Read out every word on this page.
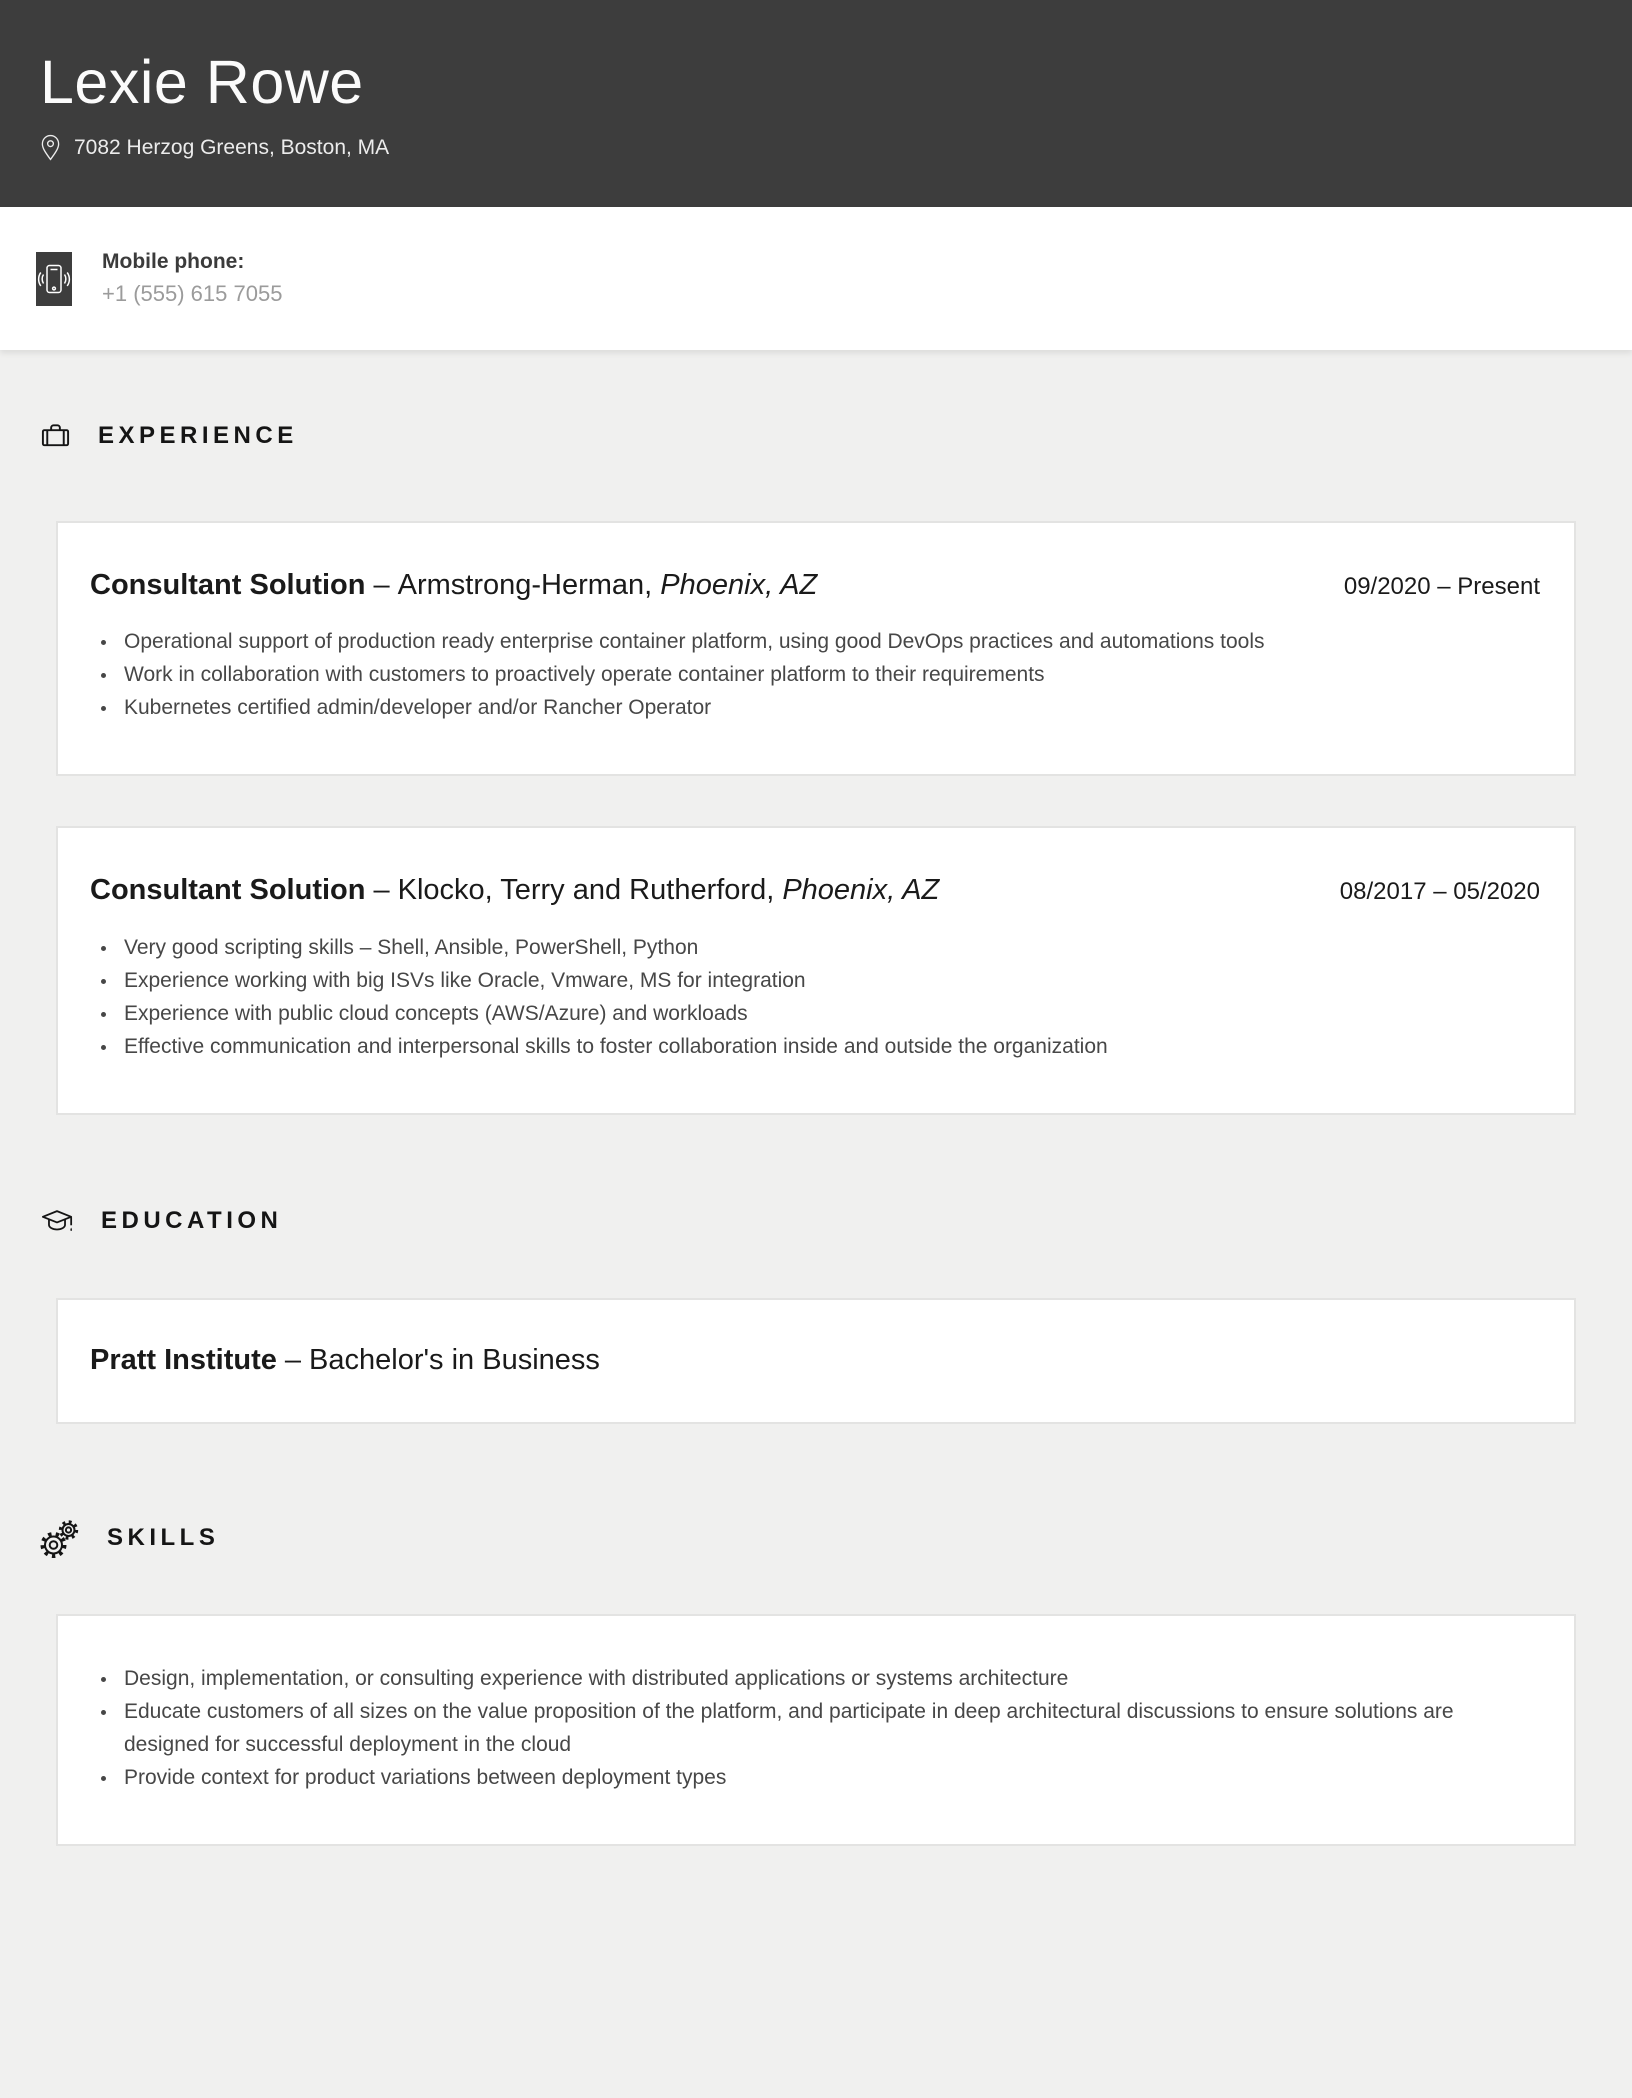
Lexie Rowe
7082 Herzog Greens, Boston, MA
Mobile phone:
+1 (555) 615 7055
EXPERIENCE
Consultant Solution – Armstrong-Herman, Phoenix, AZ	09/2020 – Present
• Operational support of production ready enterprise container platform, using good DevOps practices and automations tools
• Work in collaboration with customers to proactively operate container platform to their requirements
• Kubernetes certified admin/developer and/or Rancher Operator
Consultant Solution – Klocko, Terry and Rutherford, Phoenix, AZ	08/2017 – 05/2020
• Very good scripting skills – Shell, Ansible, PowerShell, Python
• Experience working with big ISVs like Oracle, Vmware, MS for integration
• Experience with public cloud concepts (AWS/Azure) and workloads
• Effective communication and interpersonal skills to foster collaboration inside and outside the organization
EDUCATION
Pratt Institute – Bachelor's in Business
SKILLS
• Design, implementation, or consulting experience with distributed applications or systems architecture
• Educate customers of all sizes on the value proposition of the platform, and participate in deep architectural discussions to ensure solutions are designed for successful deployment in the cloud
• Provide context for product variations between deployment types
